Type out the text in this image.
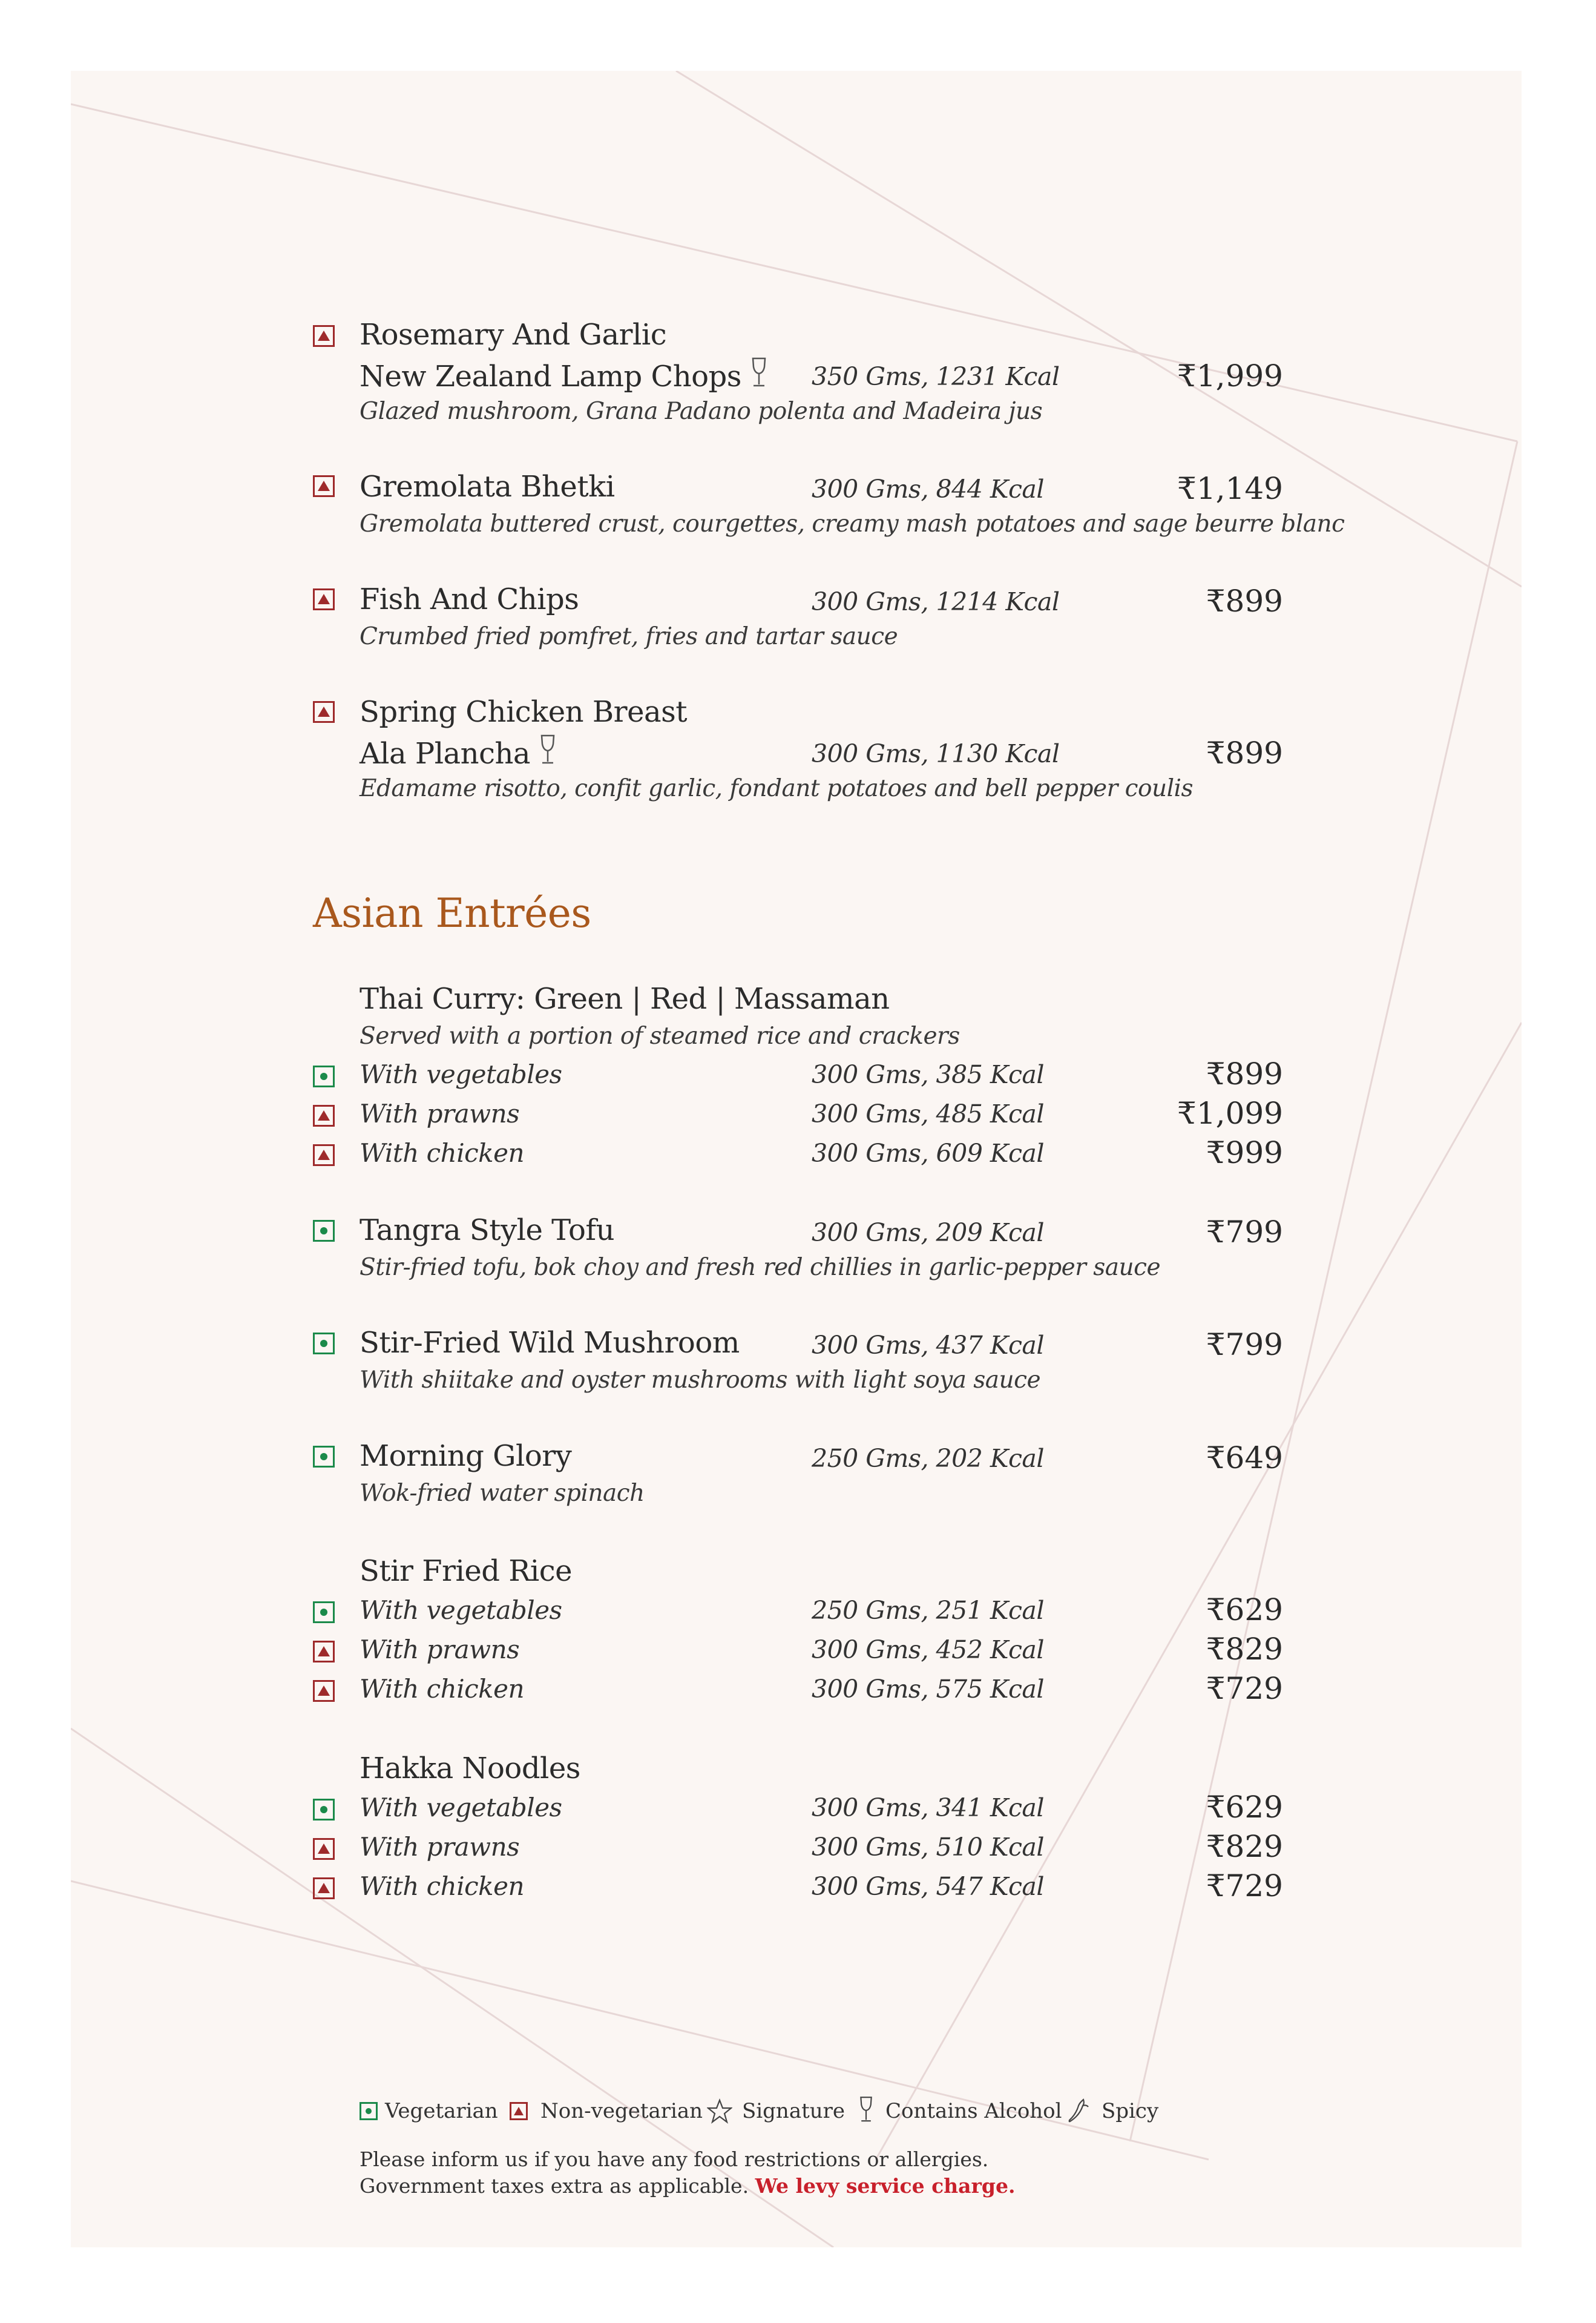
Rosemary And Garlic
New Zealand Lamp Chops	350 Gms, 1231 Kcal	₹1,999
Glazed mushroom, Grana Padano polenta and Madeira jus
Gremolata Bhetki	300 Gms, 844 Kcal	₹1,149
Gremolata buttered crust, courgettes, creamy mash potatoes and sage beurre blanc
Fish And Chips	300 Gms, 1214 Kcal	₹899
Crumbed fried pomfret, fries and tartar sauce
Spring Chicken Breast
Ala Plancha	300 Gms, 1130 Kcal	₹899
Edamame risotto, confit garlic, fondant potatoes and bell pepper coulis
Asian Entrées
Thai Curry: Green | Red | Massaman
Served with a portion of steamed rice and crackers
With vegetables	300 Gms, 385 Kcal	₹899
With prawns	300 Gms, 485 Kcal	₹1,099
With chicken	300 Gms, 609 Kcal	₹999
Tangra Style Tofu	300 Gms, 209 Kcal	₹799
Stir-fried tofu, bok choy and fresh red chillies in garlic-pepper sauce
Stir-Fried Wild Mushroom	300 Gms, 437 Kcal	₹799
With shiitake and oyster mushrooms with light soya sauce
Morning Glory	250 Gms, 202 Kcal	₹649
Wok-fried water spinach
Stir Fried Rice
With vegetables	250 Gms, 251 Kcal	₹629
With prawns	300 Gms, 452 Kcal	₹829
With chicken	300 Gms, 575 Kcal	₹729
Hakka Noodles
With vegetables	300 Gms, 341 Kcal	₹629
With prawns	300 Gms, 510 Kcal	₹829
With chicken	300 Gms, 547 Kcal	₹729
Vegetarian Non-vegetarian Signature Contains Alcohol Spicy
Please inform us if you have any food restrictions or allergies.
Government taxes extra as applicable. We levy service charge.
